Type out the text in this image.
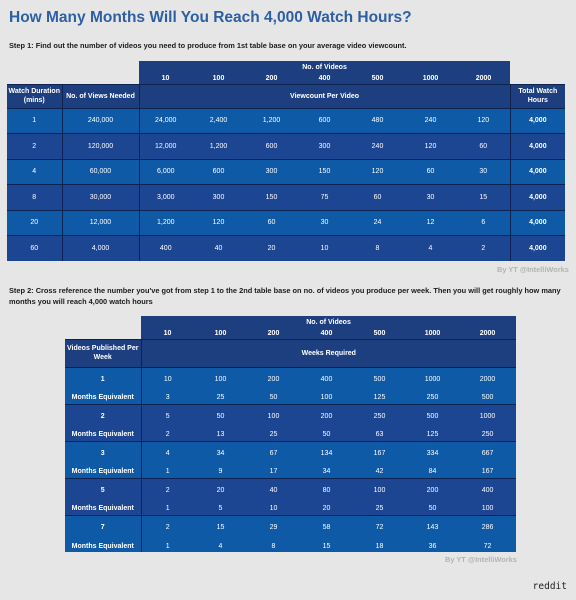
How Many Months Will You Reach 4,000 Watch Hours?
Step 1: Find out the number of videos you need to produce from 1st table base on your average video viewcount.
		No. of Videos							
		10	100	200	400	500	1000	2000	
Watch Duration (mins)	No. of Views Needed	Viewcount Per Video							Total Watch Hours
1	240,000	24,000	2,400	1,200	600	480	240	120	4,000
2	120,000	12,000	1,200	600	300	240	120	60	4,000
4	60,000	6,000	600	300	150	120	60	30	4,000
8	30,000	3,000	300	150	75	60	30	15	4,000
20	12,000	1,200	120	60	30	24	12	6	4,000
60	4,000	400	40	20	10	8	4	2	4,000
By YT @IntelliWorks
Step 2: Cross reference the number you've got from step 1 to the 2nd table base on no. of videos you produce per week. Then you will get roughly how many months you will reach 4,000 watch hours
	No. of Videos						
	10	100	200	400	500	1000	2000
Videos Published Per Week	Weeks Required						
1	10	100	200	400	500	1000	2000
Months Equivalent	3	25	50	100	125	250	500
2	5	50	100	200	250	500	1000
Months Equivalent	2	13	25	50	63	125	250
3	4	34	67	134	167	334	667
Months Equivalent	1	9	17	34	42	84	167
5	2	20	40	80	100	200	400
Months Equivalent	1	5	10	20	25	50	100
7	2	15	29	58	72	143	286
Months Equivalent	1	4	8	15	18	36	72
By YT @IntelliWorks
reddit
